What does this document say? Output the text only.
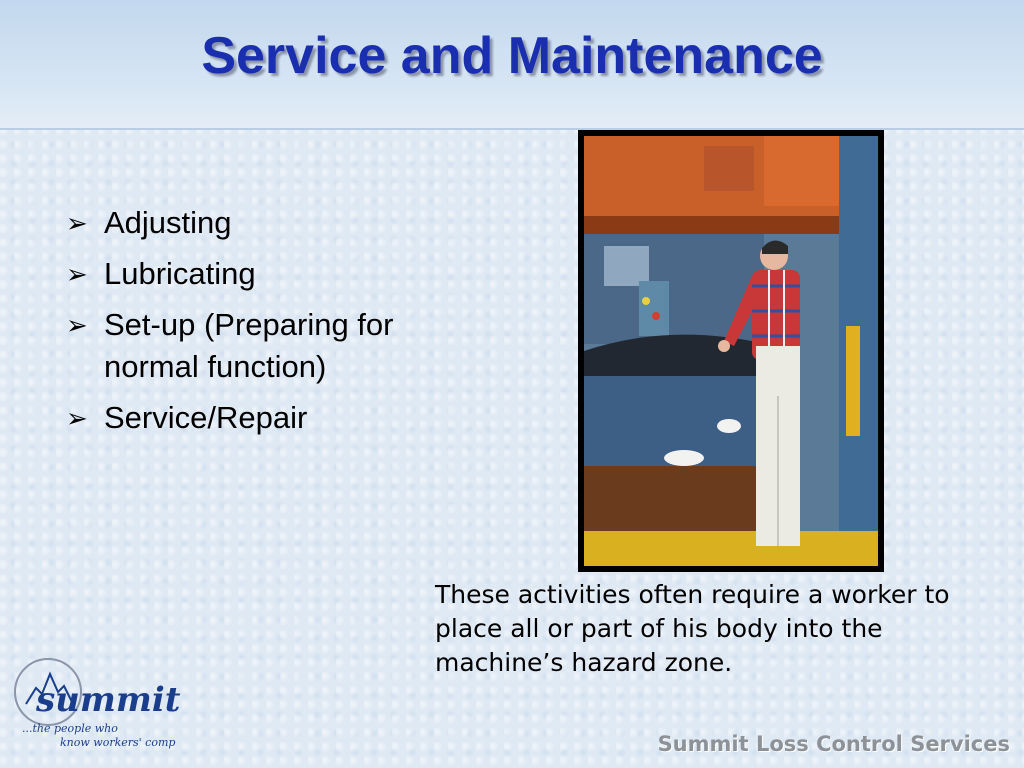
Service and Maintenance
➢ Adjusting
➢ Lubricating
➢ Set-up (Preparing for normal function)
➢ Service/Repair
These activities often require a worker to place all or part of his body into the machine’s hazard zone.
summit
...the people who
know workers' comp	Summit Loss Control Services
